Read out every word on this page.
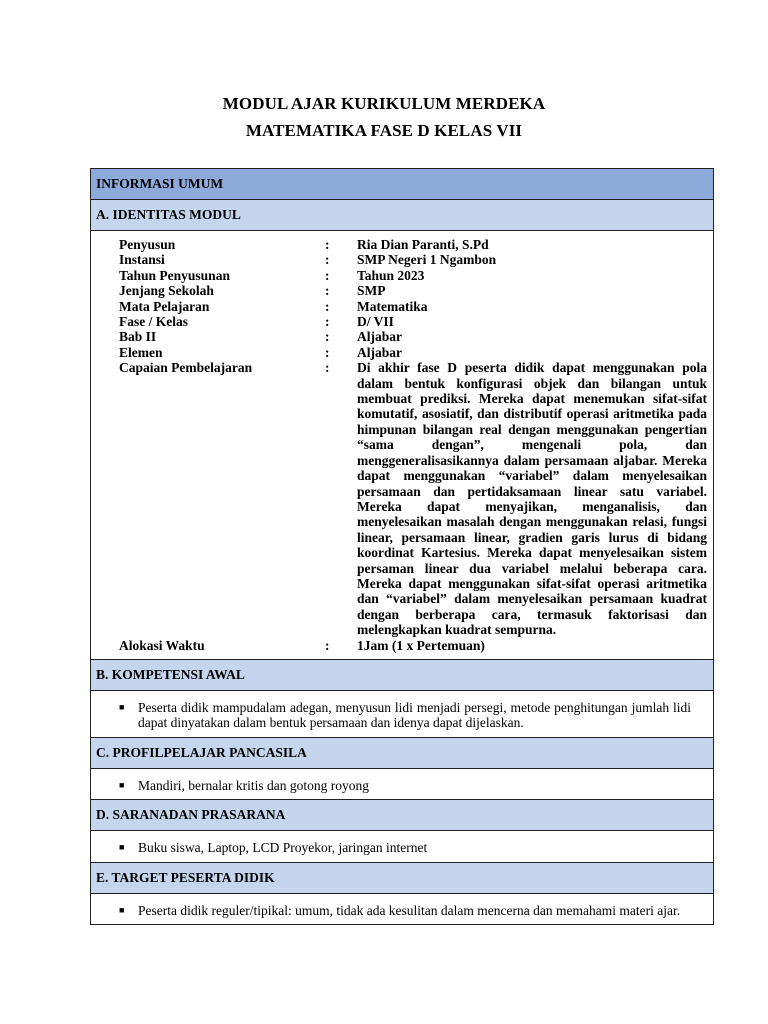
MODUL AJAR KURIKULUM MERDEKA
MATEMATIKA FASE D KELAS VII
INFORMASI UMUM
A. IDENTITAS MODUL
Penyusun	:	Ria Dian Paranti, S.Pd
Instansi	:	SMP Negeri 1 Ngambon
Tahun Penyusunan	:	Tahun 2023
Jenjang Sekolah	:	SMP
Mata Pelajaran	:	Matematika
Fase / Kelas	:	D/ VII
Bab II	:	Aljabar
Elemen	:	Aljabar
Capaian Pembelajaran	:	Di akhir fase D peserta didik dapat menggunakan pola dalam bentuk konfigurasi objek dan bilangan untuk membuat prediksi. Mereka dapat menemukan sifat-sifat komutatif, asosiatif, dan distributif operasi aritmetika pada himpunan bilangan real dengan menggunakan pengertian “sama dengan”, mengenali pola, dan menggeneralisasikannya dalam persamaan aljabar. Mereka dapat menggunakan “variabel” dalam menyelesaikan persamaan dan pertidaksamaan linear satu variabel. Mereka dapat menyajikan, menganalisis, dan menyelesaikan masalah dengan menggunakan relasi, fungsi linear, persamaan linear, gradien garis lurus di bidang koordinat Kartesius. Mereka dapat menyelesaikan sistem persaman linear dua variabel melalui beberapa cara. Mereka dapat menggunakan sifat-sifat operasi aritmetika dan “variabel” dalam menyelesaikan persamaan kuadrat dengan berberapa cara, termasuk faktorisasi dan melengkapkan kuadrat sempurna.
Alokasi Waktu	:	1Jam (1 x Pertemuan)
B. KOMPETENSI AWAL
■	Peserta didik mampudalam adegan, menyusun lidi menjadi persegi, metode penghitungan jumlah lidi dapat dinyatakan dalam bentuk persamaan dan idenya dapat dijelaskan.
C. PROFILPELAJAR PANCASILA
■	Mandiri, bernalar kritis dan gotong royong
D. SARANADAN PRASARANA
■	Buku siswa, Laptop, LCD Proyekor, jaringan internet
E. TARGET PESERTA DIDIK
■	Peserta didik reguler/tipikal: umum, tidak ada kesulitan dalam mencerna dan memahami materi ajar.
